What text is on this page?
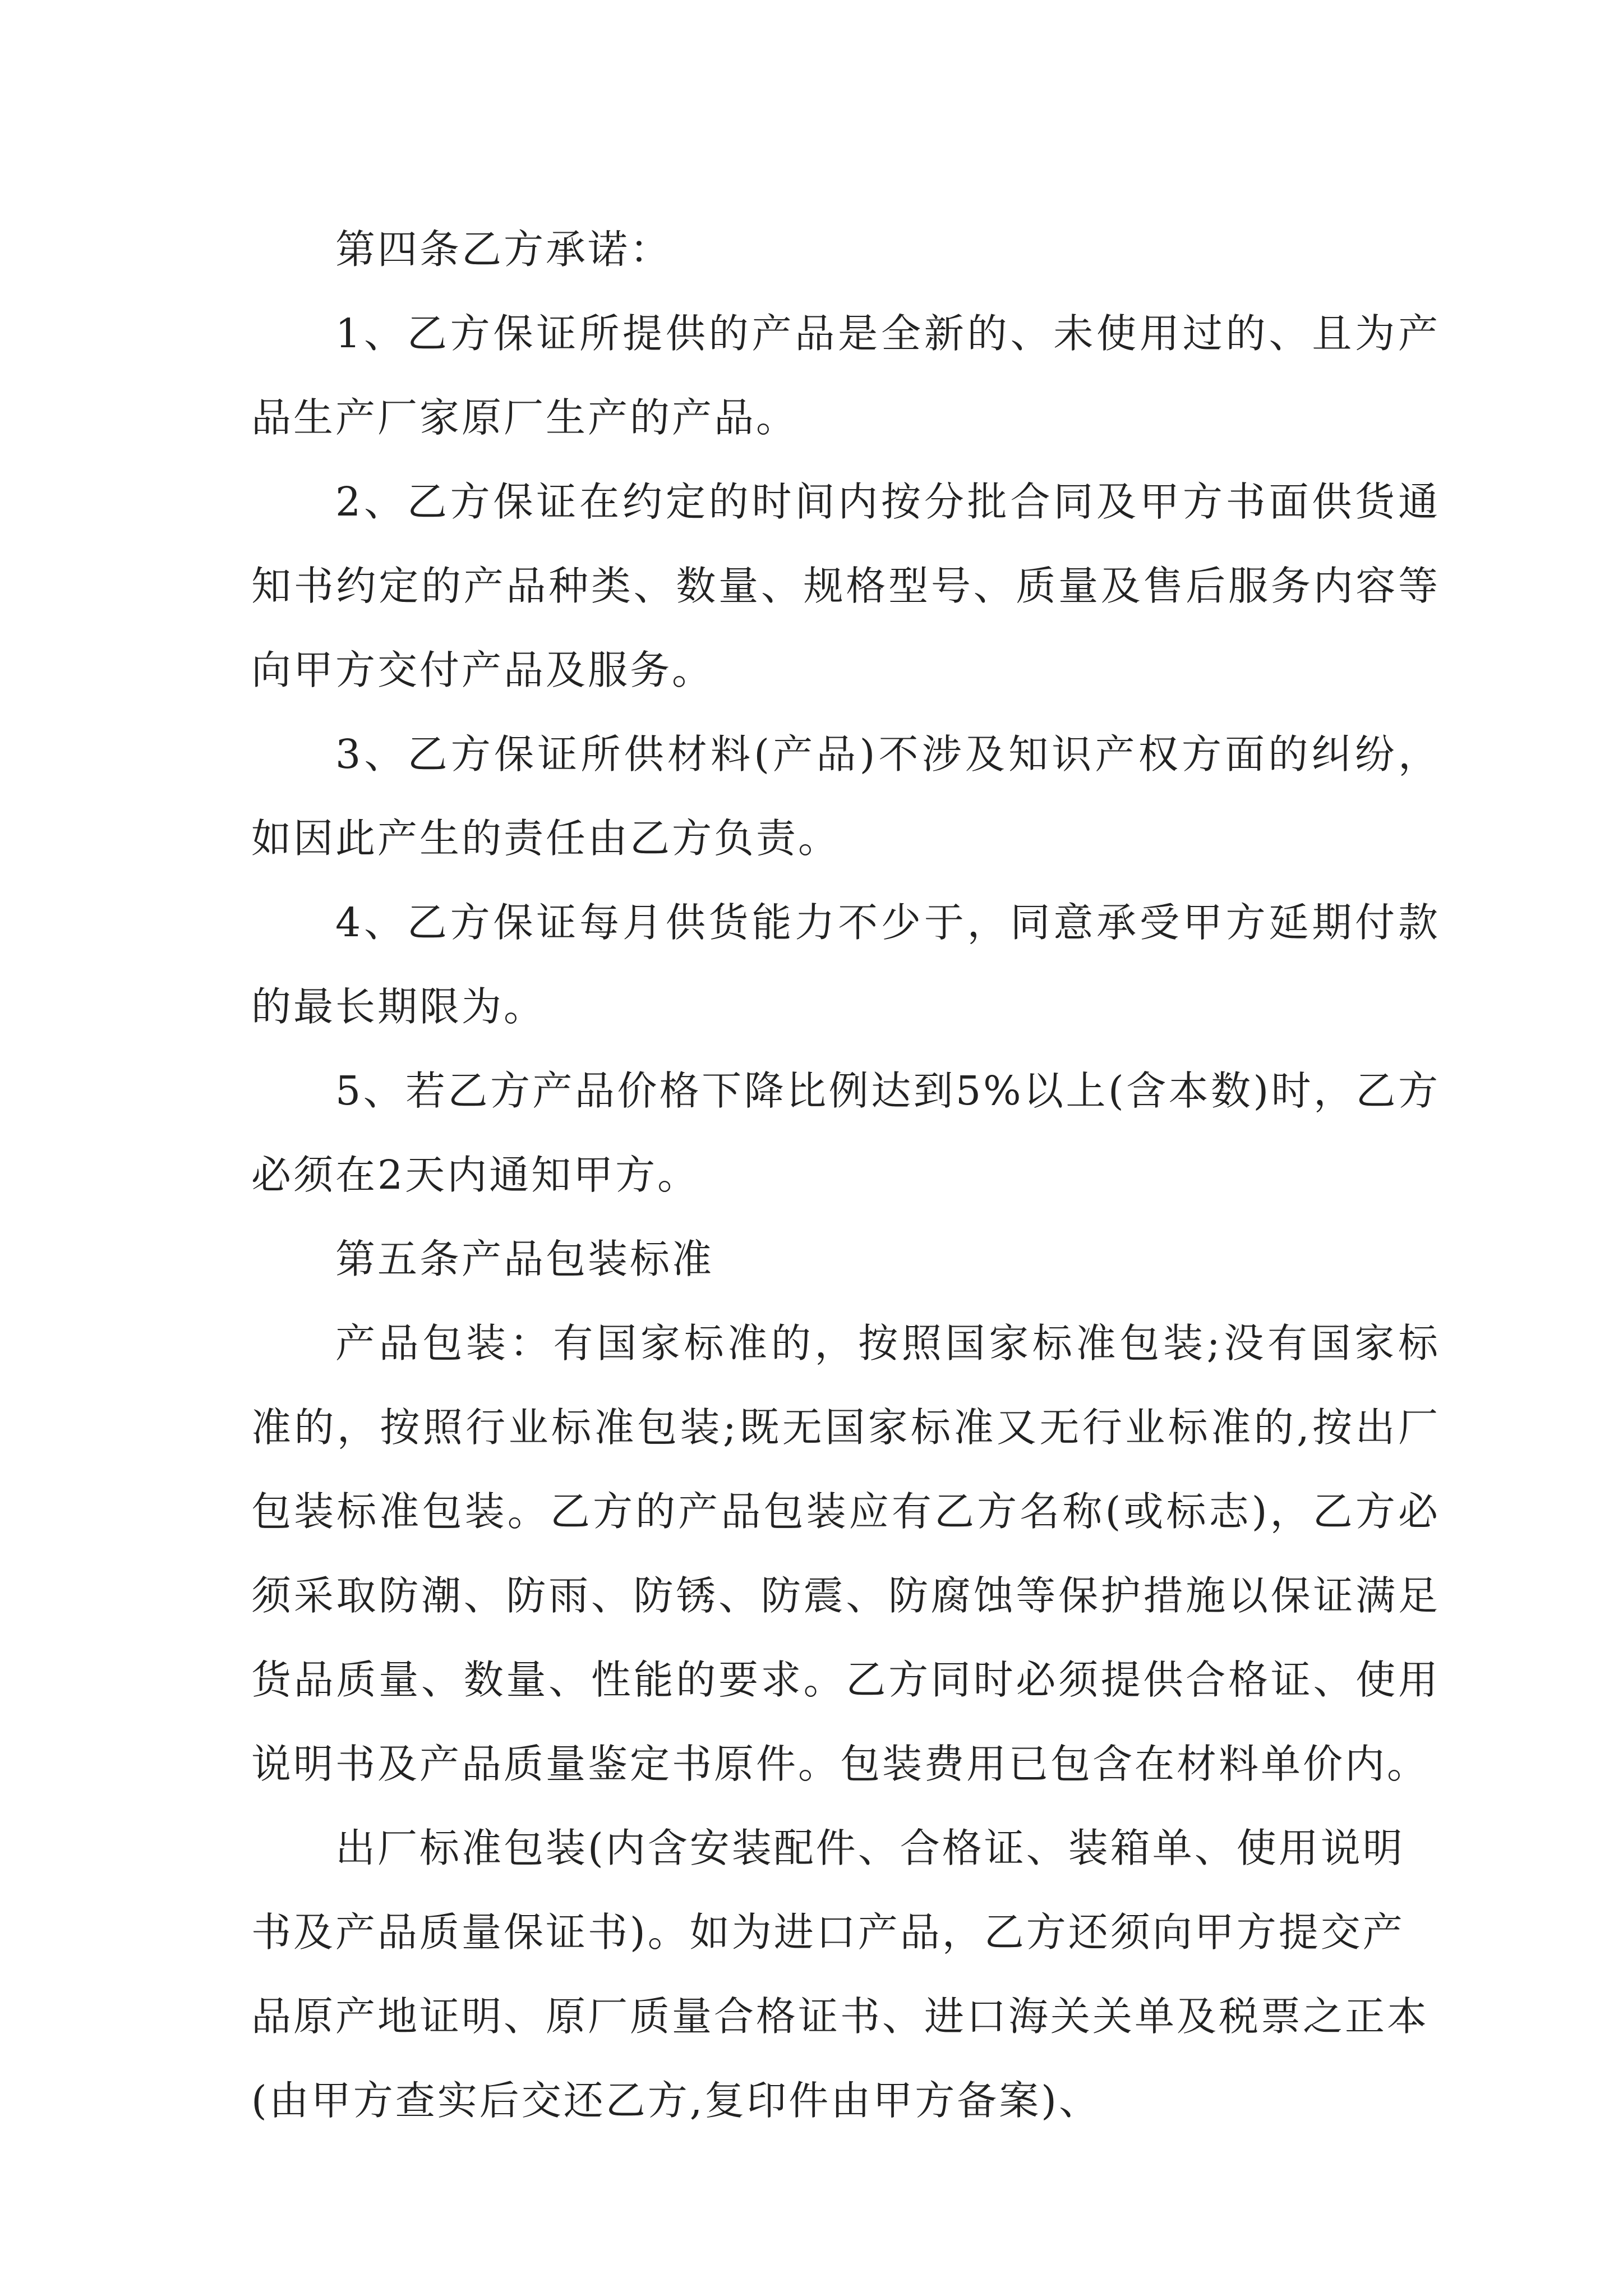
第四条乙方承诺：

1、乙方保证所提供的产品是全新的、未使用过的、且为产品生产厂家原厂生产的产品。

2、乙方保证在约定的时间内按分批合同及甲方书面供货通知书约定的产品种类、数量、规格型号、质量及售后服务内容等向甲方交付产品及服务。

3、乙方保证所供材料(产品)不涉及知识产权方面的纠纷，如因此产生的责任由乙方负责。

4、乙方保证每月供货能力不少于，同意承受甲方延期付款的最长期限为。

5、若乙方产品价格下降比例达到5%以上(含本数)时，乙方必须在2天内通知甲方。

第五条产品包装标准

产品包装：有国家标准的，按照国家标准包装;没有国家标准的，按照行业标准包装;既无国家标准又无行业标准的,按出厂包装标准包装。乙方的产品包装应有乙方名称(或标志)，乙方必须采取防潮、防雨、防锈、防震、防腐蚀等保护措施以保证满足货品质量、数量、性能的要求。乙方同时必须提供合格证、使用说明书及产品质量鉴定书原件。包装费用已包含在材料单价内。

出厂标准包装(内含安装配件、合格证、装箱单、使用说明书及产品质量保证书)。如为进口产品，乙方还须向甲方提交产品原产地证明、原厂质量合格证书、进口海关关单及税票之正本(由甲方查实后交还乙方,复印件由甲方备案)、
